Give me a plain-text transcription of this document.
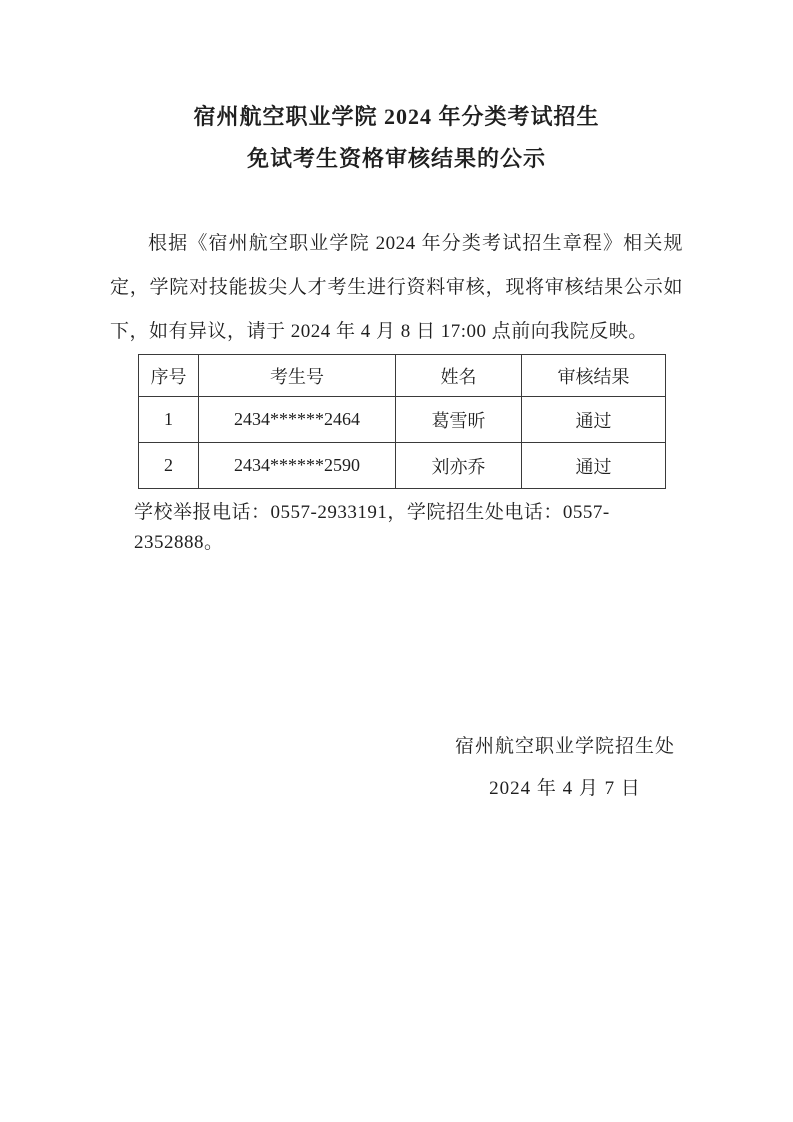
宿州航空职业学院 2024 年分类考试招生
免试考生资格审核结果的公示

根据《宿州航空职业学院 2024 年分类考试招生章程》相关规定，学院对技能拔尖人才考生进行资料审核，现将审核结果公示如下，如有异议，请于 2024 年 4 月 8 日 17:00 点前向我院反映。

序号	考生号	姓名	审核结果
1	2434******2464	葛雪昕	通过
2	2434******2590	刘亦乔	通过

学校举报电话：0557-2933191，学院招生处电话：0557-2352888。

宿州航空职业学院招生处
2024 年 4 月 7 日
